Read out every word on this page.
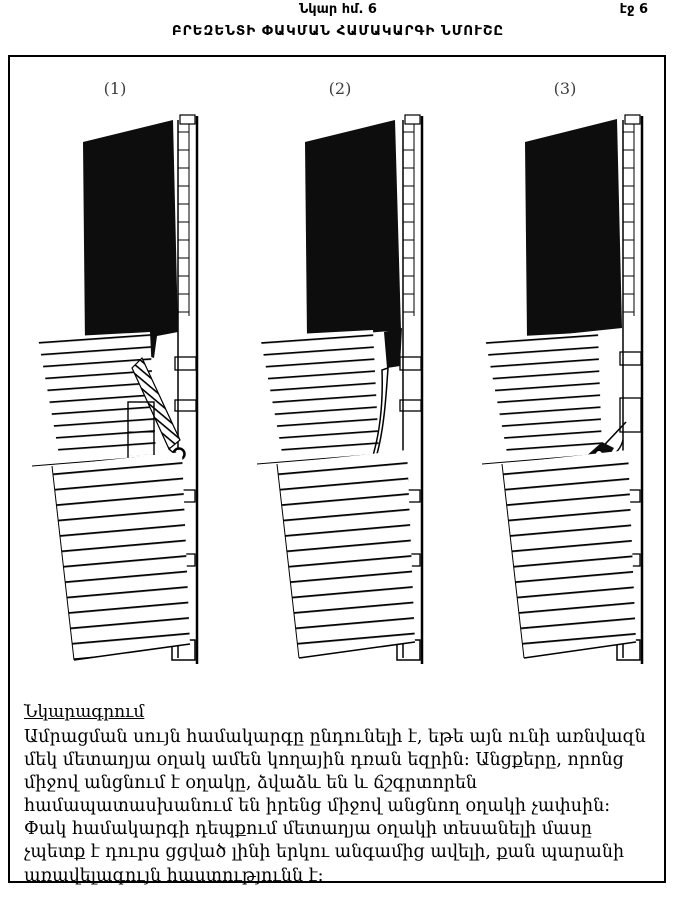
Նկար հմ. 6	էջ 6
ԲՐԵԶԵՆՏԻ ՓԱԿՄԱՆ ՀԱՄԱԿԱՐԳԻ ՆՄՈՒՇԸ
(1)	(2)	(3)
Նկարագրում
Ամրացման սույն համակարգը ընդունելի է, եթե այն ունի առնվազն մեկ մետաղյա օղակ ամեն կողային դռան եզրին: Անցքերը, որոնց միջով անցնում է օղակը, ձվաձև են և ճշգրտորեն համապատասխանում են իրենց միջով անցնող օղակի չափսին: Փակ համակարգի դեպքում մետաղյա օղակի տեսանելի մասը չպետք է դուրս ցցված լինի երկու անգամից ավելի, քան պարանի առավելագույն հաստությունն է:
